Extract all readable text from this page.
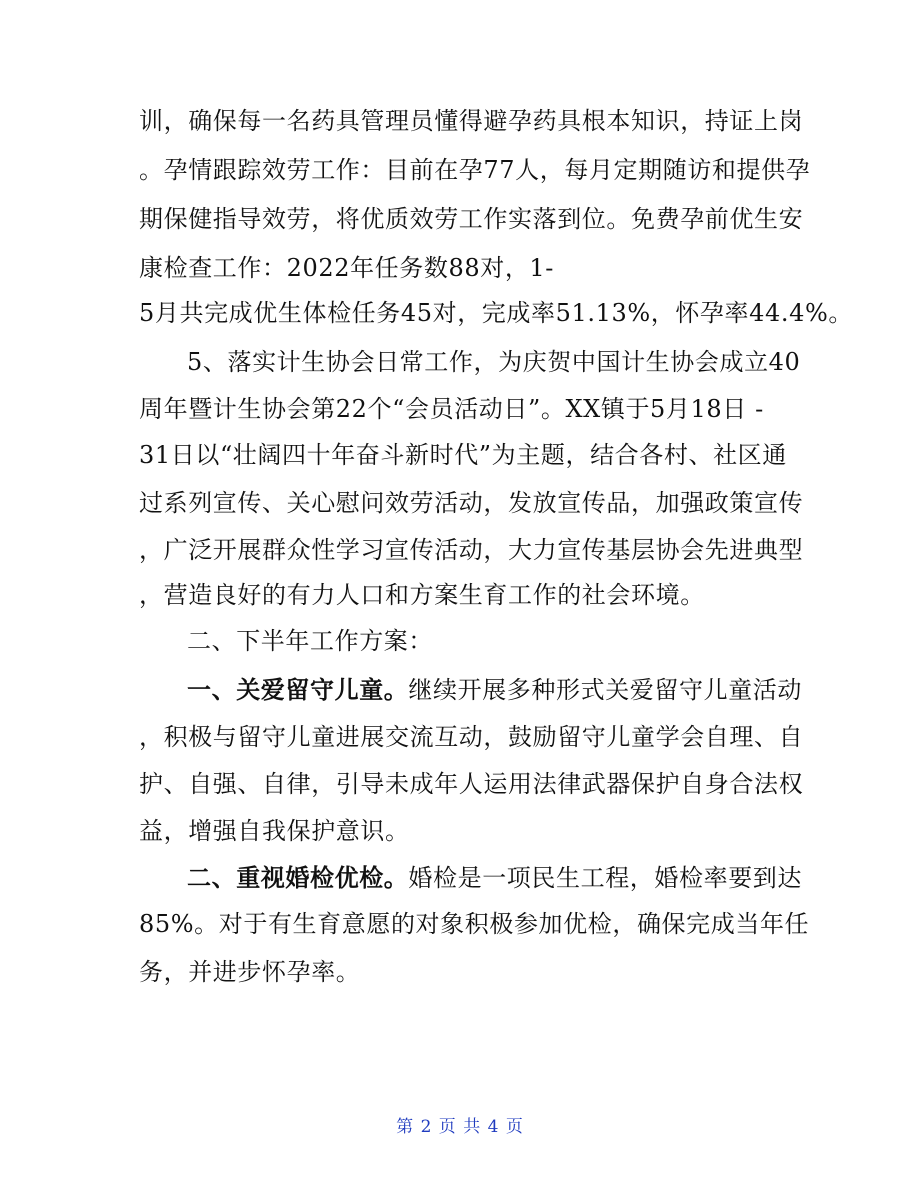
训，确保每一名药具管理员懂得避孕药具根本知识，持证上岗
。孕情跟踪效劳工作：目前在孕77人，每月定期随访和提供孕
期保健指导效劳，将优质效劳工作实落到位。免费孕前优生安
康检查工作：2022年任务数88对，1-
5月共完成优生体检任务45对，完成率51.13%，怀孕率44.4%。
5、落实计生协会日常工作，为庆贺中国计生协会成立40
周年暨计生协会第22个“会员活动日”。XX镇于5月18日 -
31日以“壮阔四十年奋斗新时代”为主题，结合各村、社区通
过系列宣传、关心慰问效劳活动，发放宣传品，加强政策宣传
，广泛开展群众性学习宣传活动，大力宣传基层协会先进典型
，营造良好的有力人口和方案生育工作的社会环境。
二、下半年工作方案：
一、关爱留守儿童。继续开展多种形式关爱留守儿童活动
，积极与留守儿童进展交流互动，鼓励留守儿童学会自理、自
护、自强、自律，引导未成年人运用法律武器保护自身合法权
益，增强自我保护意识。
二、重视婚检优检。婚检是一项民生工程，婚检率要到达
85%。对于有生育意愿的对象积极参加优检，确保完成当年任
务，并进步怀孕率。
第 2 页 共 4 页
